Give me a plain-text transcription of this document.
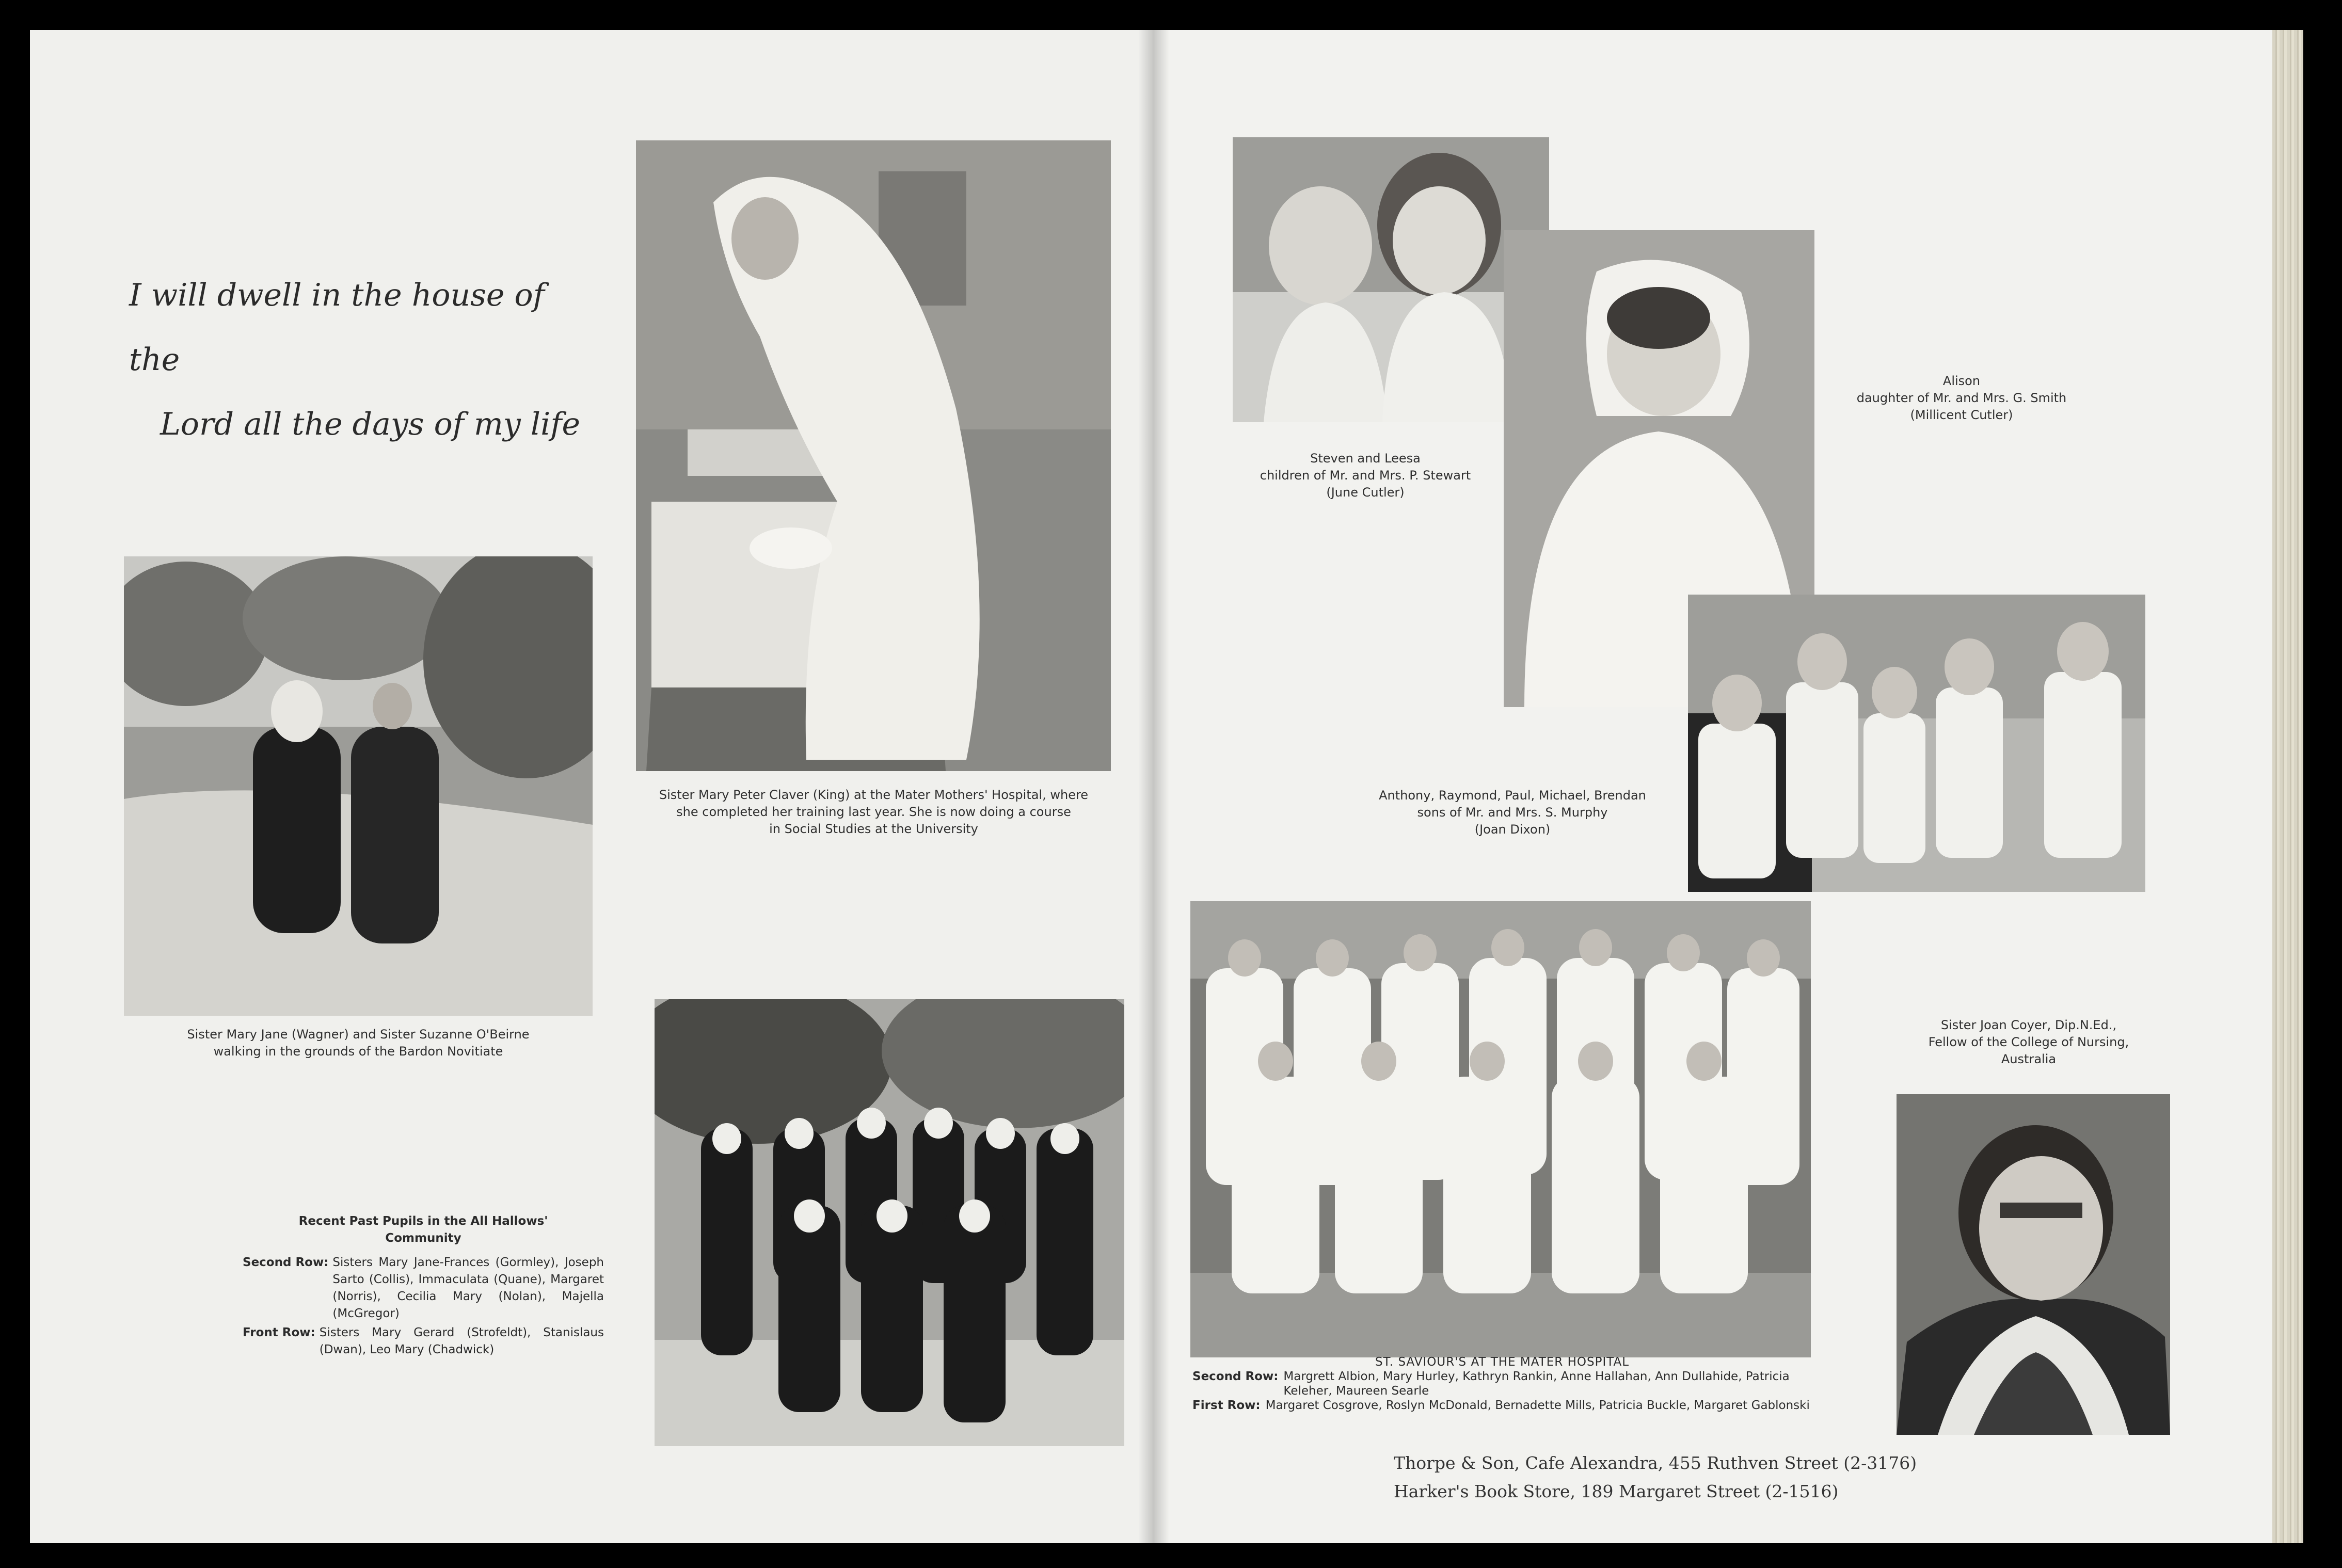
I will dwell in the house of the
Lord all the days of my life
Sister Mary Peter Claver (King) at the Mater Mothers' Hospital, where
she completed her training last year. She is now doing a course
in Social Studies at the University
Sister Mary Jane (Wagner) and Sister Suzanne O'Beirne
walking in the grounds of the Bardon Novitiate
Recent Past Pupils in the All Hallows'
Community
Second Row: Sisters Mary Jane-Frances (Gormley), Joseph Sarto (Collis), Immaculata (Quane), Margaret (Norris), Cecilia Mary (Nolan), Majella (McGregor)
Front Row: Sisters Mary Gerard (Strofeldt), Stanislaus (Dwan), Leo Mary (Chadwick)
Steven and Leesa
children of Mr. and Mrs. P. Stewart
(June Cutler)
Alison
daughter of Mr. and Mrs. G. Smith
(Millicent Cutler)
Anthony, Raymond, Paul, Michael, Brendan
sons of Mr. and Mrs. S. Murphy
(Joan Dixon)
ST. SAVIOUR'S AT THE MATER HOSPITAL
Second Row: Margrett Albion, Mary Hurley, Kathryn Rankin, Anne Hallahan, Ann Dullahide, Patricia Keleher, Maureen Searle
First Row: Margaret Cosgrove, Roslyn McDonald, Bernadette Mills, Patricia Buckle, Margaret Gablonski
Sister Joan Coyer, Dip.N.Ed.,
Fellow of the College of Nursing,
Australia
Thorpe & Son, Cafe Alexandra, 455 Ruthven Street (2-3176)
Harker's Book Store, 189 Margaret Street (2-1516)
